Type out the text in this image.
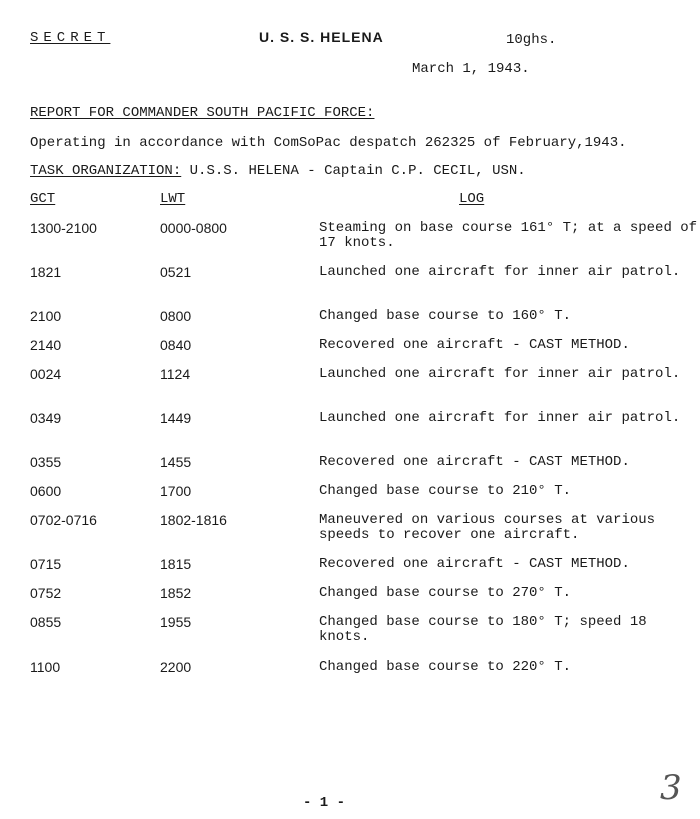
SECRET	U. S. S. HELENA	10ghs.
March 1, 1943.
REPORT FOR COMMANDER SOUTH PACIFIC FORCE:
Operating in accordance with ComSoPac despatch 262325 of February,1943.
TASK ORGANIZATION: U.S.S. HELENA - Captain C.P. CECIL, USN.
GCT	LWT	LOG
1300-2100	0000-0800	Steaming on base course 161° T; at a speed of 17 knots.
1821	0521	Launched one aircraft for inner air patrol.
2100	0800	Changed base course to 160° T.
2140	0840	Recovered one aircraft - CAST METHOD.
0024	1124	Launched one aircraft for inner air patrol.
0349	1449	Launched one aircraft for inner air patrol.
0355	1455	Recovered one aircraft - CAST METHOD.
0600	1700	Changed base course to 210° T.
0702-0716	1802-1816	Maneuvered on various courses at various speeds to recover one aircraft.
0715	1815	Recovered one aircraft - CAST METHOD.
0752	1852	Changed base course to 270° T.
0855	1955	Changed base course to 180° T; speed 18 knots.
1100	2200	Changed base course to 220° T.
- 1 -	3
